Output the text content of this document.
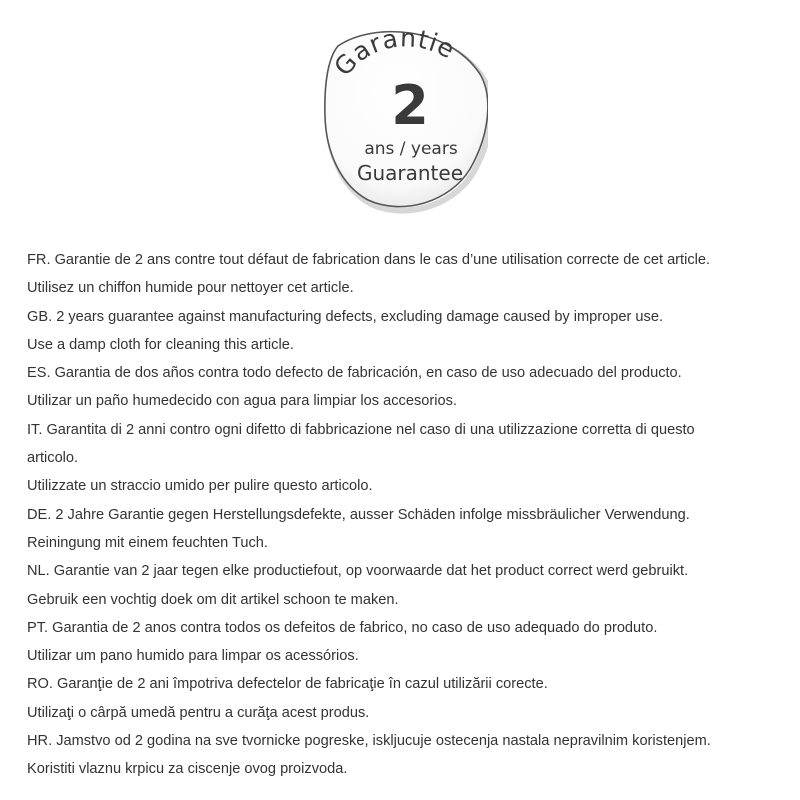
Garantie
2
ans / years
Guarantee

FR. Garantie de 2 ans contre tout défaut de fabrication dans le cas d’une utilisation correcte de cet article.

Utilisez un chiffon humide pour nettoyer cet article.

GB. 2 years guarantee against manufacturing defects, excluding damage caused by improper use.

Use a damp cloth for cleaning this article.

ES. Garantia de dos años contra todo defecto de fabricación, en caso de uso adecuado del producto.

Utilizar un paño humedecido con agua para limpiar los accesorios.

IT. Garantita di 2 anni contro ogni difetto di fabbricazione nel caso di una utilizzazione corretta di questo

articolo.

Utilizzate un straccio umido per pulire questo articolo.

DE. 2 Jahre Garantie gegen Herstellungsdefekte, ausser Schäden infolge missbräulicher Verwendung.

Reiningung mit einem feuchten Tuch.

NL. Garantie van 2 jaar tegen elke productiefout, op voorwaarde dat het product correct werd gebruikt.

Gebruik een vochtig doek om dit artikel schoon te maken.

PT. Garantia de 2 anos contra todos os defeitos de fabrico, no caso de uso adequado do produto.

Utilizar um pano humido para limpar os acessórios.

RO. Garanţie de 2 ani împotriva defectelor de fabricaţie în cazul utilizării corecte.

Utilizaţi o cârpă umedă pentru a curăţa acest produs.

HR. Jamstvo od 2 godina na sve tvornicke pogreske, iskljucuje ostecenja nastala nepravilnim koristenjem.

Koristiti vlaznu krpicu za ciscenje ovog proizvoda.
